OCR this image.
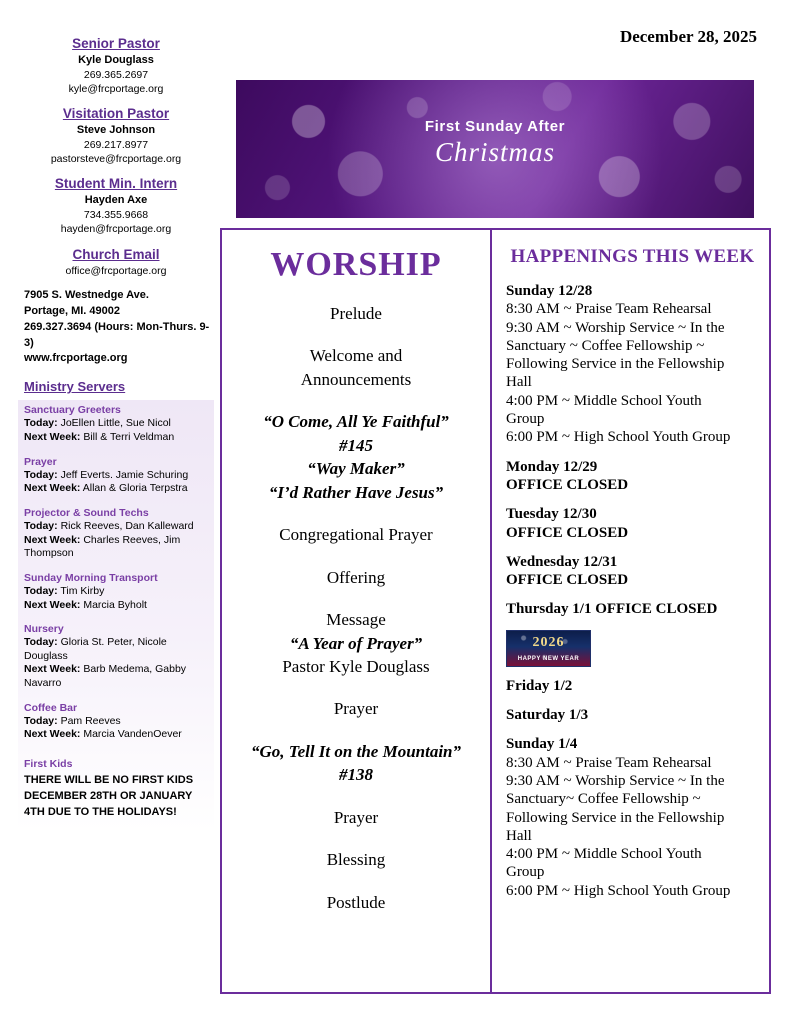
December 28, 2025
Senior Pastor
Kyle Douglass
269.365.2697
kyle@frcportage.org
Visitation Pastor
Steve Johnson
269.217.8977
pastorsteve@frcportage.org
Student Min. Intern
Hayden Axe
734.355.9668
hayden@frcportage.org
Church Email
office@frcportage.org
7905 S. Westnedge Ave.
Portage, MI. 49002
269.327.3694 (Hours: Mon-Thurs. 9-3)
www.frcportage.org
Ministry Servers
Sanctuary Greeters
Today: JoEllen Little, Sue Nicol
Next Week: Bill & Terri Veldman
Prayer
Today: Jeff Everts. Jamie Schuring
Next Week: Allan & Gloria Terpstra
Projector & Sound Techs
Today: Rick Reeves, Dan Kalleward
Next Week: Charles Reeves, Jim Thompson
Sunday Morning Transport
Today: Tim Kirby
Next Week: Marcia Byholt
Nursery
Today: Gloria St. Peter, Nicole Douglass
Next Week: Barb Medema, Gabby Navarro
Coffee Bar
Today: Pam Reeves
Next Week: Marcia VandenOever
First Kids
THERE WILL BE NO FIRST KIDS DECEMBER 28TH OR JANUARY 4TH DUE TO THE HOLIDAYS!
First Sunday After
Christmas
WORSHIP
Prelude
Welcome and
Announcements
“O Come, All Ye Faithful”
#145
“Way Maker”
“I’d Rather Have Jesus”
Congregational Prayer
Offering
Message
“A Year of Prayer”
Pastor Kyle Douglass
Prayer
“Go, Tell It on the Mountain”
#138
Prayer
Blessing
Postlude
HAPPENINGS THIS WEEK
Sunday 12/28
8:30 AM ~ Praise Team Rehearsal
9:30 AM ~ Worship Service ~ In the
Sanctuary ~ Coffee Fellowship ~
Following Service in the Fellowship
Hall
4:00 PM ~ Middle School Youth
Group
6:00 PM ~ High School Youth Group
Monday 12/29
OFFICE CLOSED
Tuesday 12/30
OFFICE CLOSED
Wednesday 12/31
OFFICE CLOSED
Thursday 1/1 OFFICE CLOSED
2026
HAPPY NEW YEAR
Friday 1/2
Saturday 1/3
Sunday 1/4
8:30 AM ~ Praise Team Rehearsal
9:30 AM ~ Worship Service ~ In the
Sanctuary~ Coffee Fellowship ~
Following Service in the Fellowship
Hall
4:00 PM ~ Middle School Youth
Group
6:00 PM ~ High School Youth Group
